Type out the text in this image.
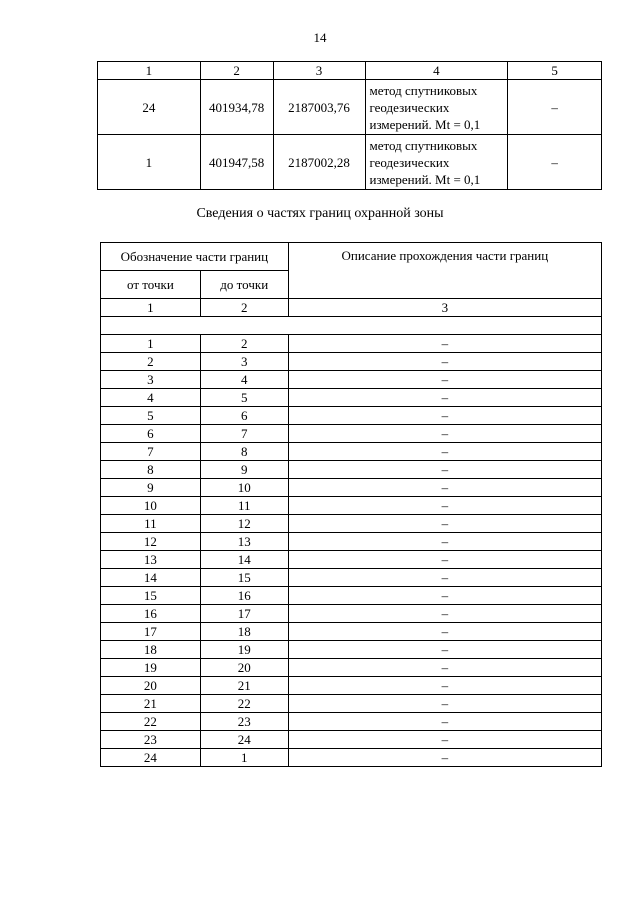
14
1	2	3	4	5
24	401934,78	2187003,76	метод спутниковых
геодезических
измерений. Mt = 0,1	–
1	401947,58	2187002,28	метод спутниковых
геодезических
измерений. Mt = 0,1	–
Сведения о частях границ охранной зоны
Обозначение части границ		Описание прохождения части границ
от точки	до точки	
1	2	3

1	2	–
2	3	–
3	4	–
4	5	–
5	6	–
6	7	–
7	8	–
8	9	–
9	10	–
10	11	–
11	12	–
12	13	–
13	14	–
14	15	–
15	16	–
16	17	–
17	18	–
18	19	–
19	20	–
20	21	–
21	22	–
22	23	–
23	24	–
24	1	–
